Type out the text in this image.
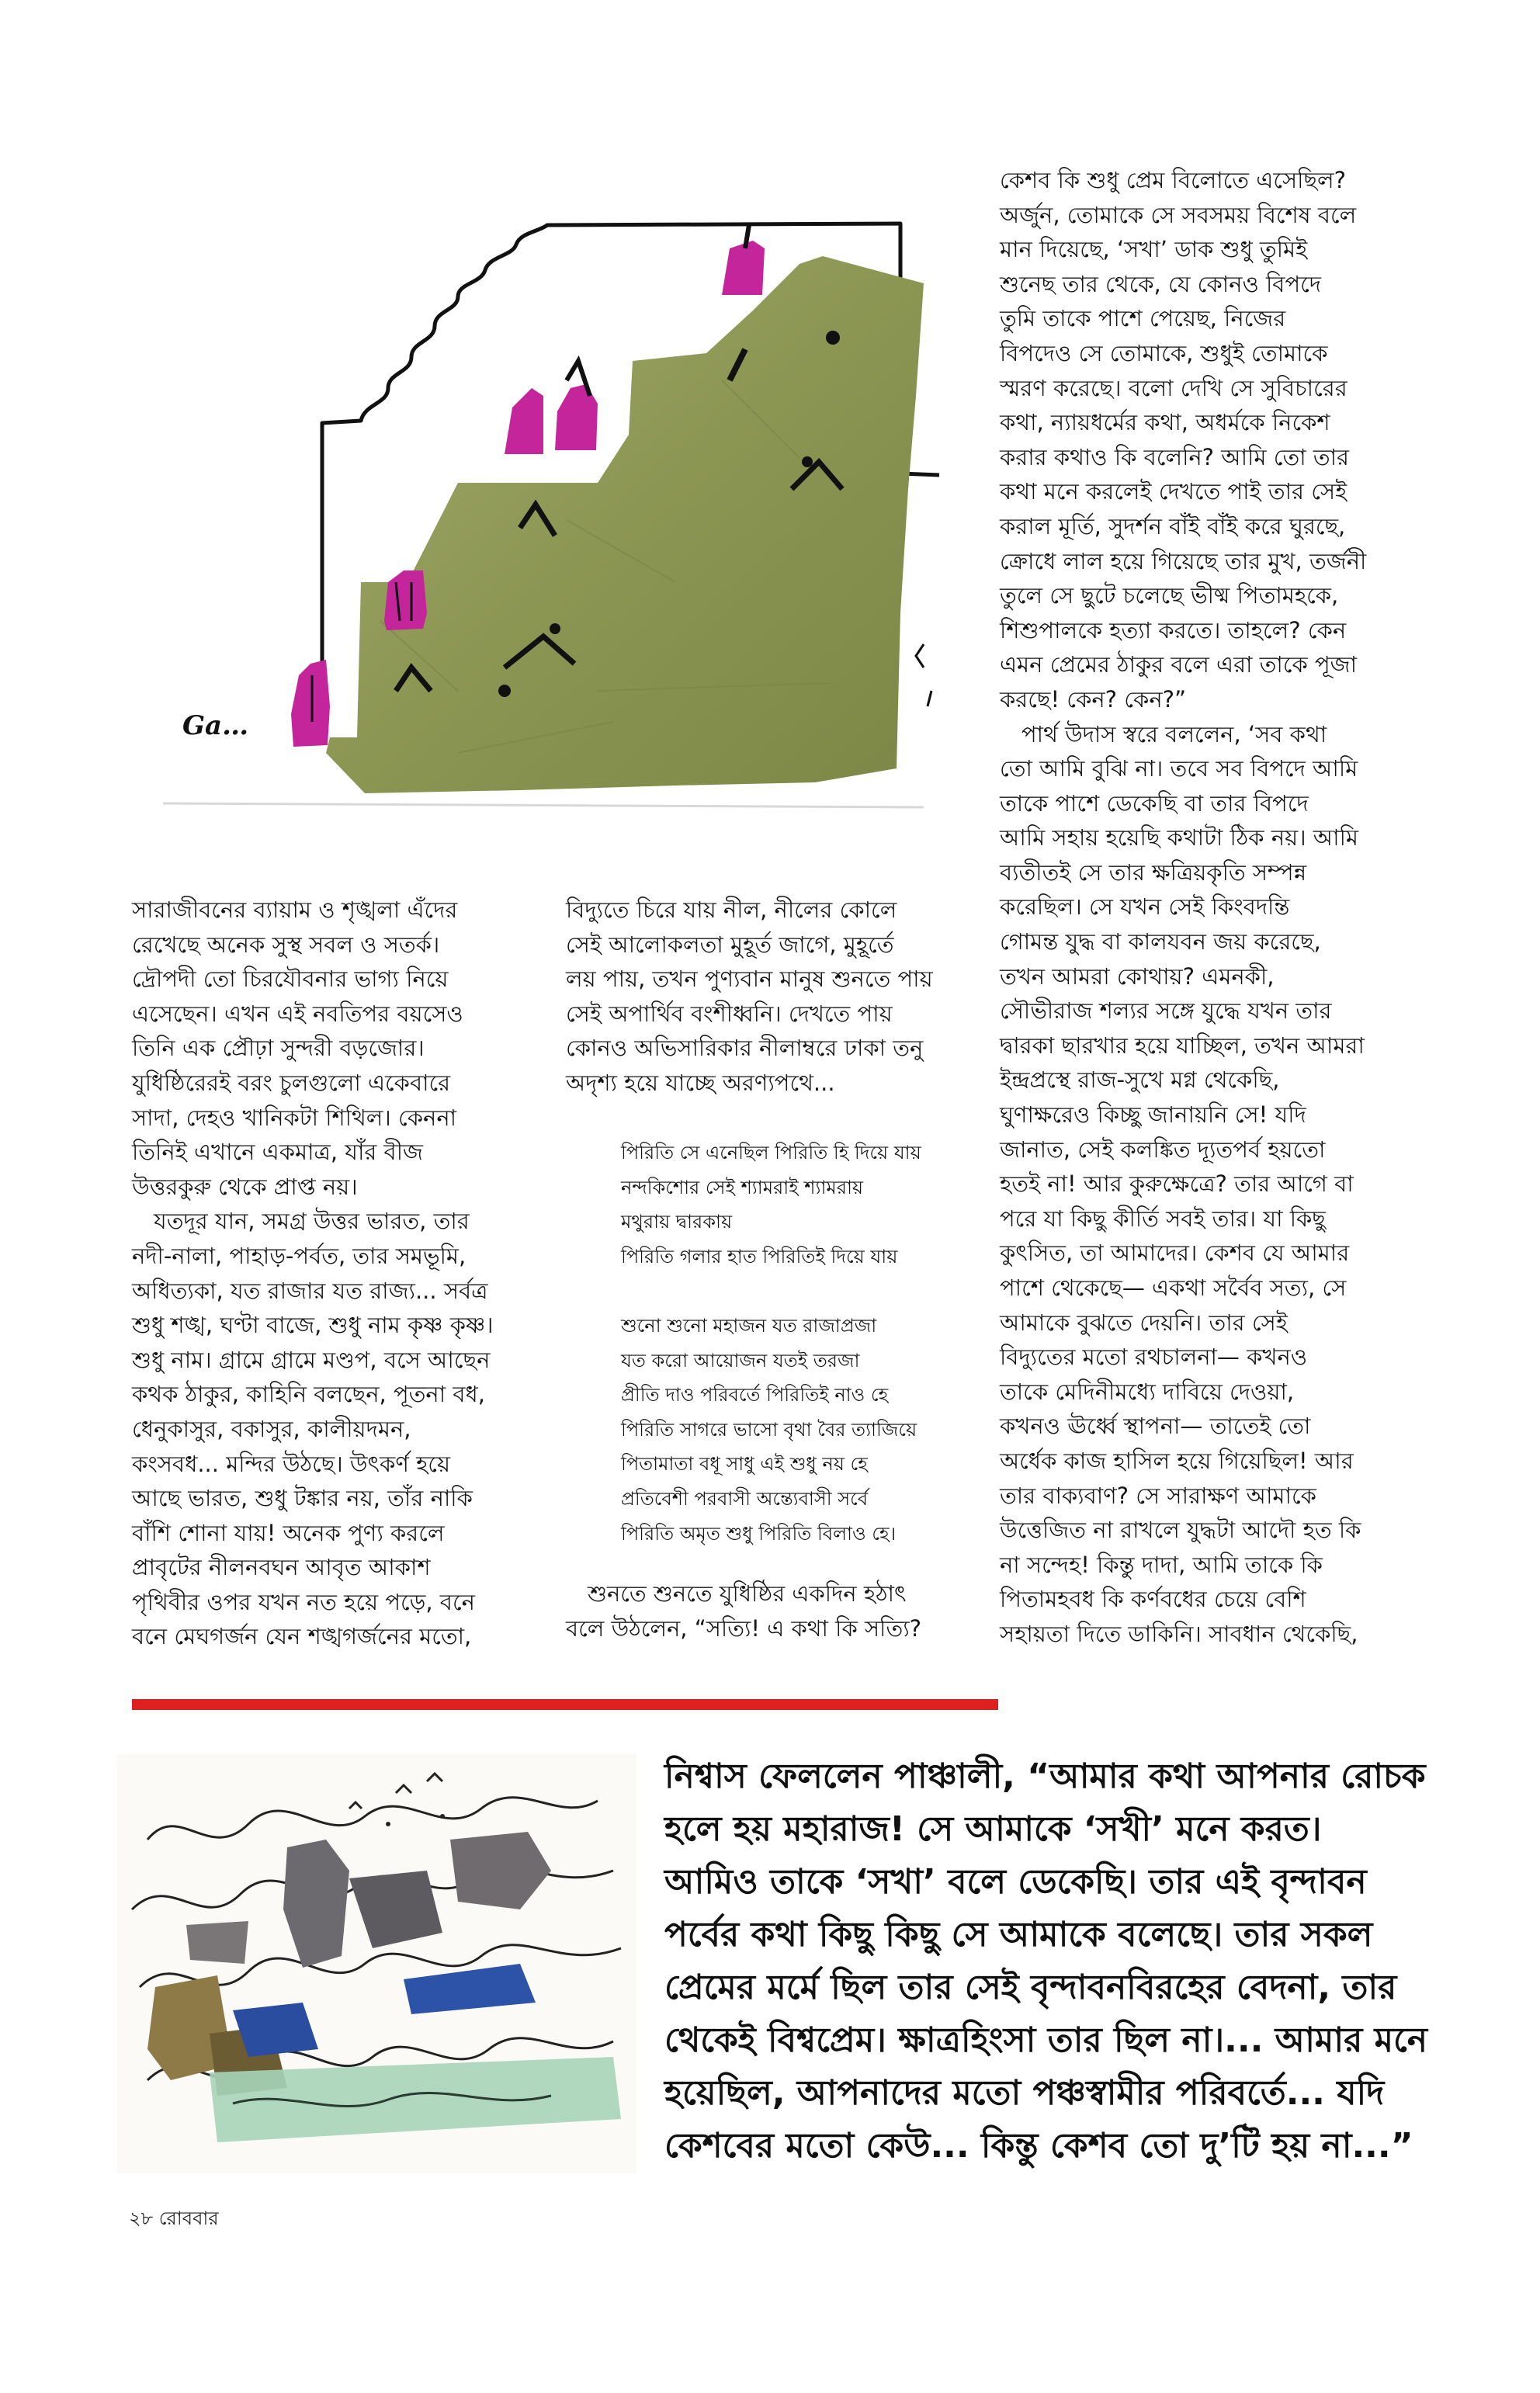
Ga…

কেশব কি শুধু প্রেম বিলোতে এসেছিল?

অর্জুন, তোমাকে সে সবসময় বিশেষ বলে

মান দিয়েছে, ‘সখা’ ডাক শুধু তুমিই

শুনেছ তার থেকে, যে কোনও বিপদে

তুমি তাকে পাশে পেয়েছ, নিজের

বিপদেও সে তোমাকে, শুধুই তোমাকে

স্মরণ করেছে। বলো দেখি সে সুবিচারের

কথা, ন্যায়ধর্মের কথা, অধর্মকে নিকেশ

করার কথাও কি বলেনি? আমি তো তার

কথা মনে করলেই দেখতে পাই তার সেই

করাল মূর্তি, সুদর্শন বাঁই বাঁই করে ঘুরছে,

ক্রোধে লাল হয়ে গিয়েছে তার মুখ, তর্জনী

তুলে সে ছুটে চলেছে ভীষ্ম পিতামহকে,

শিশুপালকে হত্যা করতে। তাহলে? কেন

এমন প্রেমের ঠাকুর বলে এরা তাকে পূজা

করছে! কেন? কেন?”

পার্থ উদাস স্বরে বললেন, ‘সব কথা

তো আমি বুঝি না। তবে সব বিপদে আমি

তাকে পাশে ডেকেছি বা তার বিপদে

আমি সহায় হয়েছি কথাটা ঠিক নয়। আমি

ব্যতীতই সে তার ক্ষত্রিয়কৃতি সম্পন্ন

করেছিল। সে যখন সেই কিংবদন্তি

গোমন্ত যুদ্ধ বা কালযবন জয় করেছে,

তখন আমরা কোথায়? এমনকী,

সৌভীরাজ শল্যর সঙ্গে যুদ্ধে যখন তার

দ্বারকা ছারখার হয়ে যাচ্ছিল, তখন আমরা

ইন্দ্রপ্রস্থে রাজ-সুখে মগ্ন থেকেছি,

ঘুণাক্ষরেও কিচ্ছু জানায়নি সে! যদি

জানাত, সেই কলঙ্কিত দ্যূতপর্ব হয়তো

হতই না! আর কুরুক্ষেত্রে? তার আগে বা

পরে যা কিছু কীর্তি সবই তার। যা কিছু

কুৎসিত, তা আমাদের। কেশব যে আমার

পাশে থেকেছে— একথা সর্বৈব সত্য, সে

আমাকে বুঝতে দেয়নি। তার সেই

বিদ্যুতের মতো রথচালনা— কখনও

তাকে মেদিনীমধ্যে দাবিয়ে দেওয়া,

কখনও ঊর্ধ্বে স্থাপনা— তাতেই তো

অর্ধেক কাজ হাসিল হয়ে গিয়েছিল! আর

তার বাক্যবাণ? সে সারাক্ষণ আমাকে

উত্তেজিত না রাখলে যুদ্ধটা আদৌ হত কি

না সন্দেহ! কিন্তু দাদা, আমি তাকে কি

পিতামহবধ কি কর্ণবধের চেয়ে বেশি

সহায়তা দিতে ডাকিনি। সাবধান থেকেছি,

সারাজীবনের ব্যায়াম ও শৃঙ্খলা এঁদের

রেখেছে অনেক সুস্থ সবল ও সতর্ক।

দ্রৌপদী তো চিরযৌবনার ভাগ্য নিয়ে

এসেছেন। এখন এই নবতিপর বয়সেও

তিনি এক প্রৌঢ়া সুন্দরী বড়জোর।

যুধিষ্ঠিরেরই বরং চুলগুলো একেবারে

সাদা, দেহও খানিকটা শিথিল। কেননা

তিনিই এখানে একমাত্র, যাঁর বীজ

উত্তরকুরু থেকে প্রাপ্ত নয়।

যতদূর যান, সমগ্র উত্তর ভারত, তার

নদী-নালা, পাহাড়-পর্বত, তার সমভূমি,

অধিত্যকা, যত রাজার যত রাজ্য... সর্বত্র

শুধু শঙ্খ, ঘণ্টা বাজে, শুধু নাম কৃষ্ণ কৃষ্ণ।

শুধু নাম। গ্রামে গ্রামে মণ্ডপ, বসে আছেন

কথক ঠাকুর, কাহিনি বলছেন, পূতনা বধ,

ধেনুকাসুর, বকাসুর, কালীয়দমন,

কংসবধ... মন্দির উঠছে। উৎকর্ণ হয়ে

আছে ভারত, শুধু টঙ্কার নয়, তাঁর নাকি

বাঁশি শোনা যায়! অনেক পুণ্য করলে

প্রাবৃটের নীলনবঘন আবৃত আকাশ

পৃথিবীর ওপর যখন নত হয়ে পড়ে, বনে

বনে মেঘগর্জন যেন শঙ্খগর্জনের মতো,

বিদ্যুতে চিরে যায় নীল, নীলের কোলে

সেই আলোকলতা মুহূর্ত জাগে, মুহূর্তে

লয় পায়, তখন পুণ্যবান মানুষ শুনতে পায়

সেই অপার্থিব বংশীধ্বনি। দেখতে পায়

কোনও অভিসারিকার নীলাম্বরে ঢাকা তনু

অদৃশ্য হয়ে যাচ্ছে অরণ্যপথে...

পিরিতি সে এনেছিল পিরিতি হি দিয়ে যায়

নন্দকিশোর সেই শ্যামরাই শ্যামরায়

মথুরায় দ্বারকায়

পিরিতি গলার হাত পিরিতিই দিয়ে যায়

শুনো শুনো মহাজন যত রাজাপ্রজা

যত করো আয়োজন যতই তরজা

প্রীতি দাও পরিবর্তে পিরিতিই নাও হে

পিরিতি সাগরে ভাসো বৃথা বৈর ত্যাজিয়ে

পিতামাতা বধূ সাধু এই শুধু নয় হে

প্রতিবেশী পরবাসী অন্ত্যেবাসী সর্বে

পিরিতি অমৃত শুধু পিরিতি বিলাও হে।

শুনতে শুনতে যুধিষ্ঠির একদিন হঠাৎ

বলে উঠলেন, “সত্যি! এ কথা কি সত্যি?

নিশ্বাস ফেললেন পাঞ্চালী, “আমার কথা আপনার রোচক

হলে হয় মহারাজ! সে আমাকে ‘সখী’ মনে করত।

আমিও তাকে ‘সখা’ বলে ডেকেছি। তার এই বৃন্দাবন

পর্বের কথা কিছু কিছু সে আমাকে বলেছে। তার সকল

প্রেমের মর্মে ছিল তার সেই বৃন্দাবনবিরহের বেদনা, তার

থেকেই বিশ্বপ্রেম। ক্ষাত্রহিংসা তার ছিল না।... আমার মনে

হয়েছিল, আপনাদের মতো পঞ্চস্বামীর পরিবর্তে... যদি

কেশবের মতো কেউ... কিন্তু কেশব তো দু’টি হয় না...”

২৮ রোববার
